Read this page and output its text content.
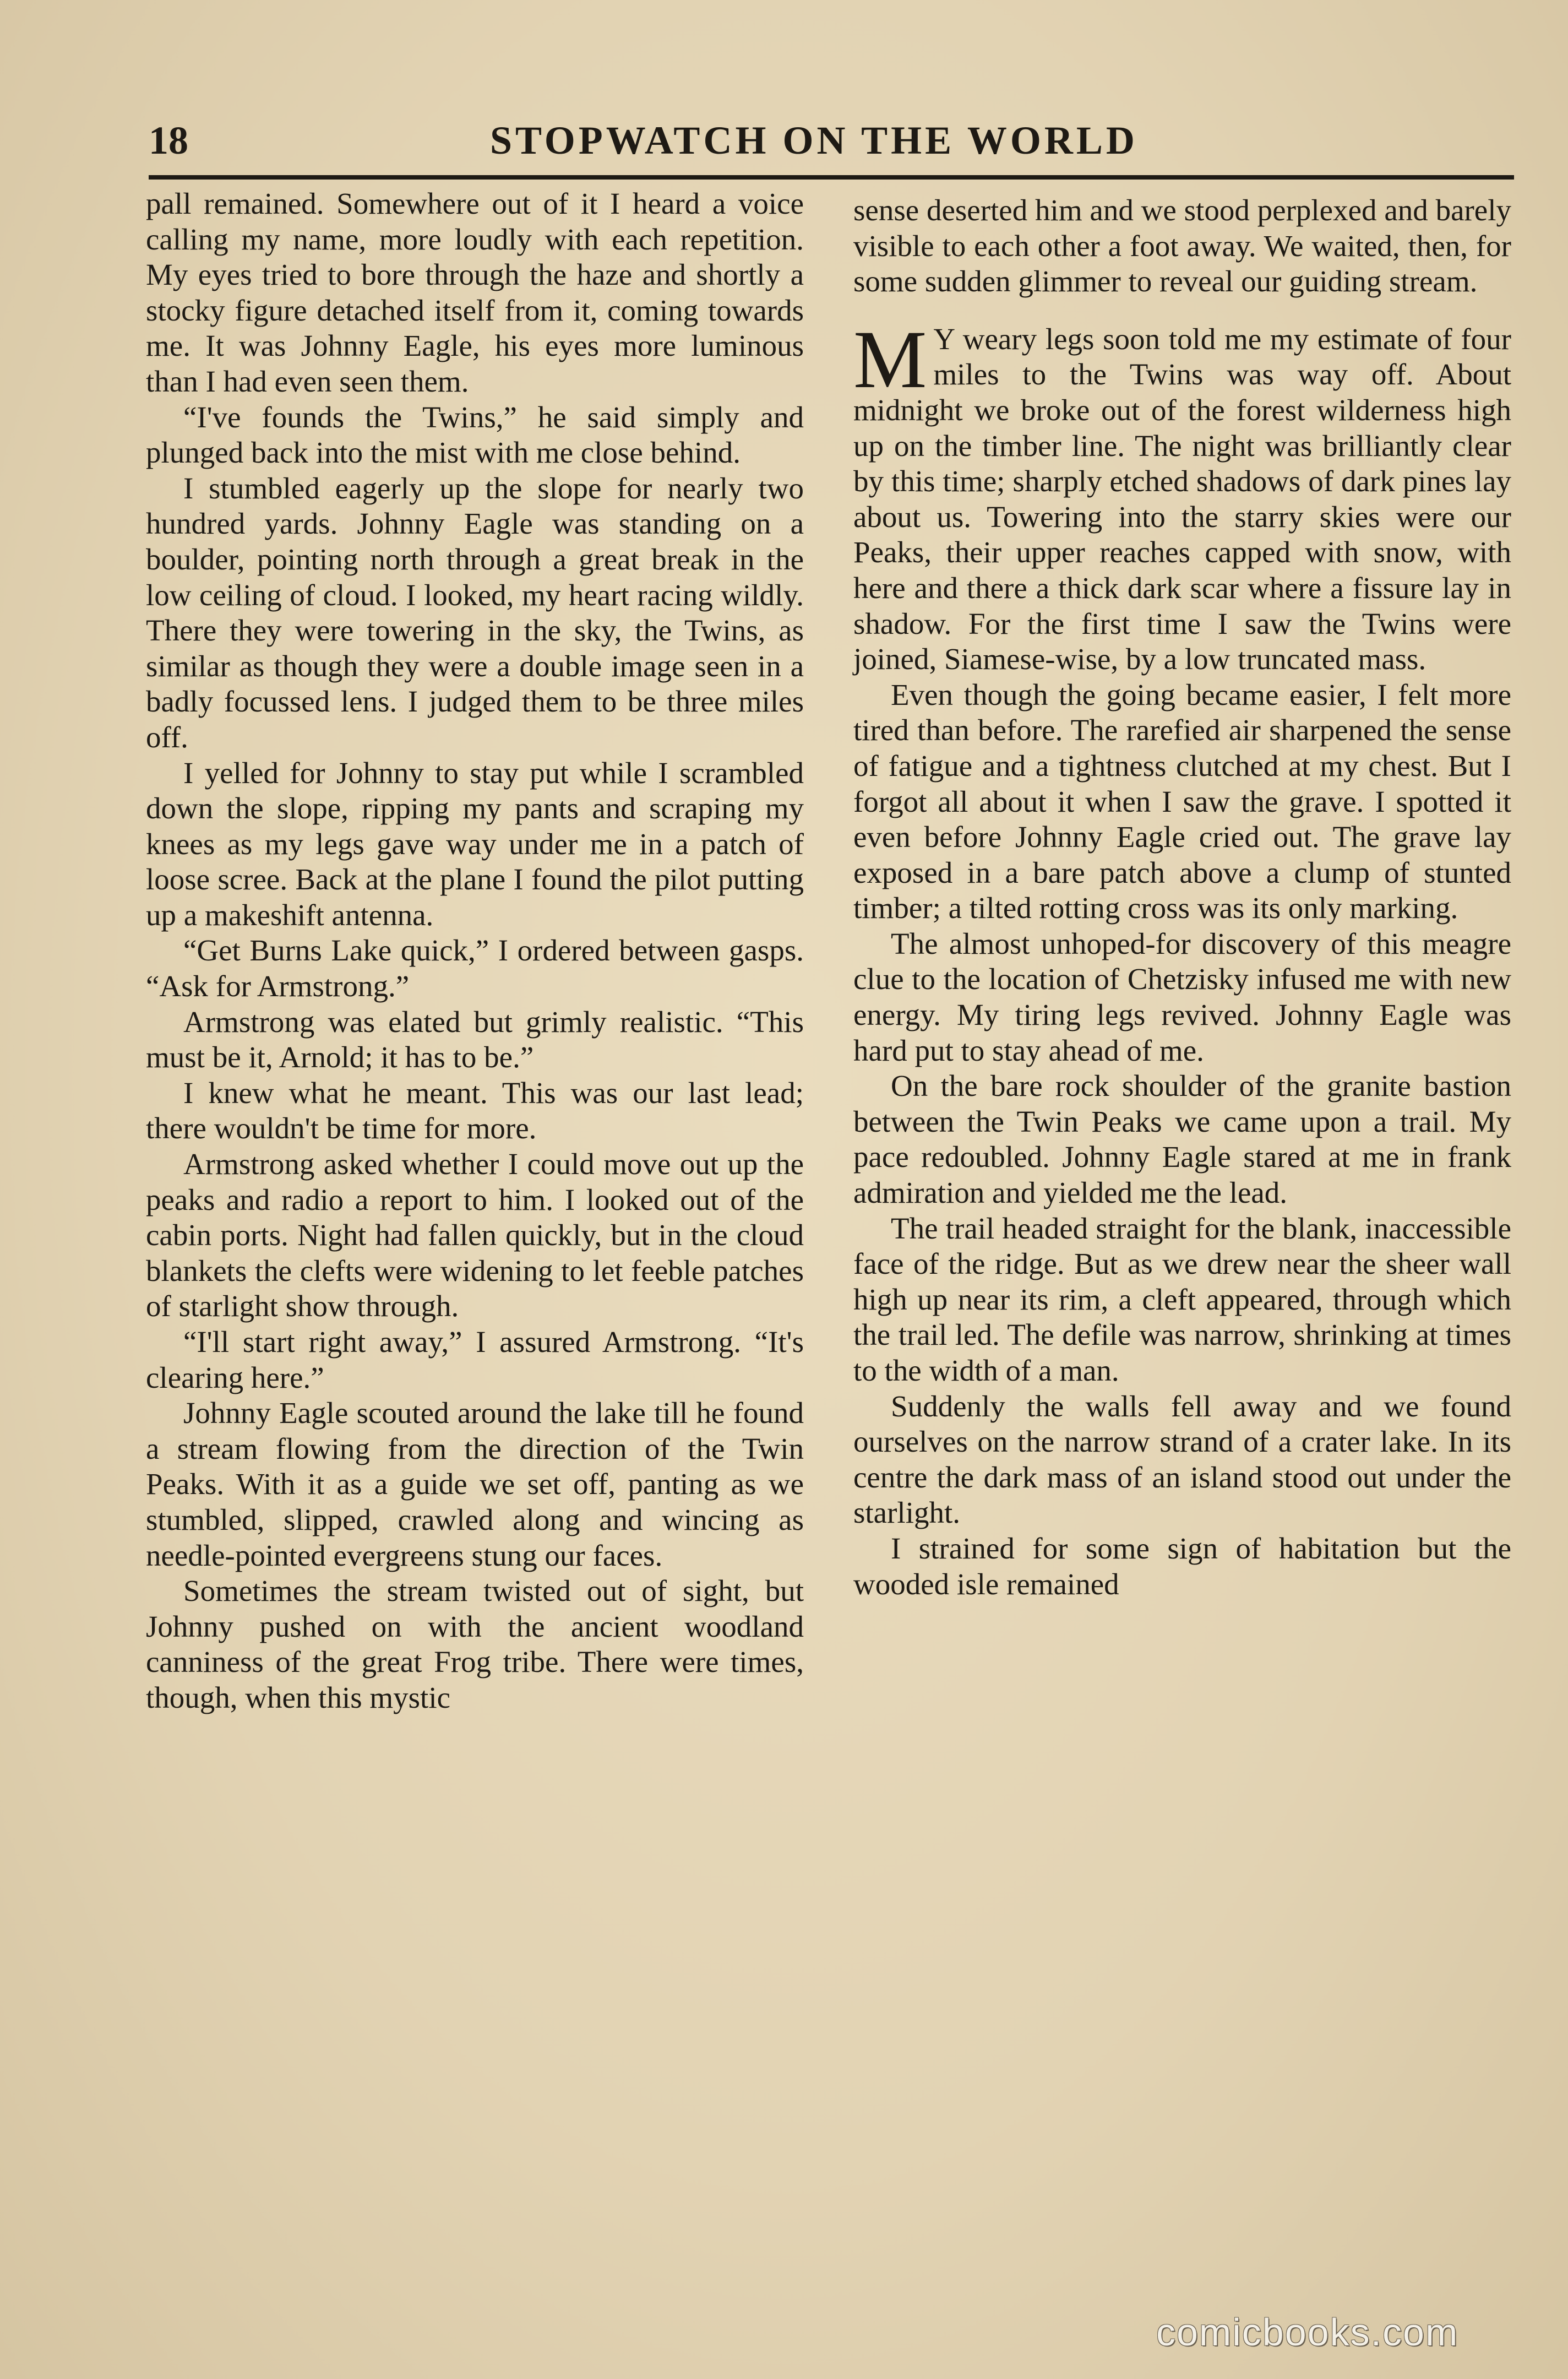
18	STOPWATCH ON THE WORLD

pall remained. Somewhere out of it I heard a voice calling my name, more loudly with each repetition. My eyes tried to bore through the haze and shortly a stocky figure detached itself from it, coming towards me. It was Johnny Eagle, his eyes more luminous than I had even seen them.

“I've founds the Twins,” he said simply and plunged back into the mist with me close behind.

I stumbled eagerly up the slope for nearly two hundred yards. Johnny Eagle was standing on a boulder, pointing north through a great break in the low ceiling of cloud. I looked, my heart racing wildly. There they were towering in the sky, the Twins, as similar as though they were a double image seen in a badly focussed lens. I judged them to be three miles off.

I yelled for Johnny to stay put while I scrambled down the slope, ripping my pants and scraping my knees as my legs gave way under me in a patch of loose scree. Back at the plane I found the pilot putting up a makeshift antenna.

“Get Burns Lake quick,” I ordered between gasps. “Ask for Armstrong.”

Armstrong was elated but grimly realistic. “This must be it, Arnold; it has to be.”

I knew what he meant. This was our last lead; there wouldn't be time for more.

Armstrong asked whether I could move out up the peaks and radio a report to him. I looked out of the cabin ports. Night had fallen quickly, but in the cloud blankets the clefts were widening to let feeble patches of starlight show through.

“I'll start right away,” I assured Armstrong. “It's clearing here.”

Johnny Eagle scouted around the lake till he found a stream flowing from the direction of the Twin Peaks. With it as a guide we set off, panting as we stumbled, slipped, crawled along and wincing as needle-pointed evergreens stung our faces.

Sometimes the stream twisted out of sight, but Johnny pushed on with the ancient woodland canniness of the great Frog tribe. There were times, though, when this mystic

sense deserted him and we stood perplexed and barely visible to each other a foot away. We waited, then, for some sudden glimmer to reveal our guiding stream.

M Y weary legs soon told me my estimate of four miles to the Twins was way off. About midnight we broke out of the forest wilderness high up on the timber line. The night was brilliantly clear by this time; sharply etched shadows of dark pines lay about us. Towering into the starry skies were our Peaks, their upper reaches capped with snow, with here and there a thick dark scar where a fissure lay in shadow. For the first time I saw the Twins were joined, Siamese-wise, by a low truncated mass.

Even though the going became easier, I felt more tired than before. The rarefied air sharpened the sense of fatigue and a tightness clutched at my chest. But I forgot all about it when I saw the grave. I spotted it even before Johnny Eagle cried out. The grave lay exposed in a bare patch above a clump of stunted timber; a tilted rotting cross was its only marking.

The almost unhoped-for discovery of this meagre clue to the location of Chetzisky infused me with new energy. My tiring legs revived. Johnny Eagle was hard put to stay ahead of me.

On the bare rock shoulder of the granite bastion between the Twin Peaks we came upon a trail. My pace redoubled. Johnny Eagle stared at me in frank admiration and yielded me the lead.

The trail headed straight for the blank, inaccessible face of the ridge. But as we drew near the sheer wall high up near its rim, a cleft appeared, through which the trail led. The defile was narrow, shrinking at times to the width of a man.

Suddenly the walls fell away and we found ourselves on the narrow strand of a crater lake. In its centre the dark mass of an island stood out under the starlight.

I strained for some sign of habitation but the wooded isle remained

comicbooks.com
